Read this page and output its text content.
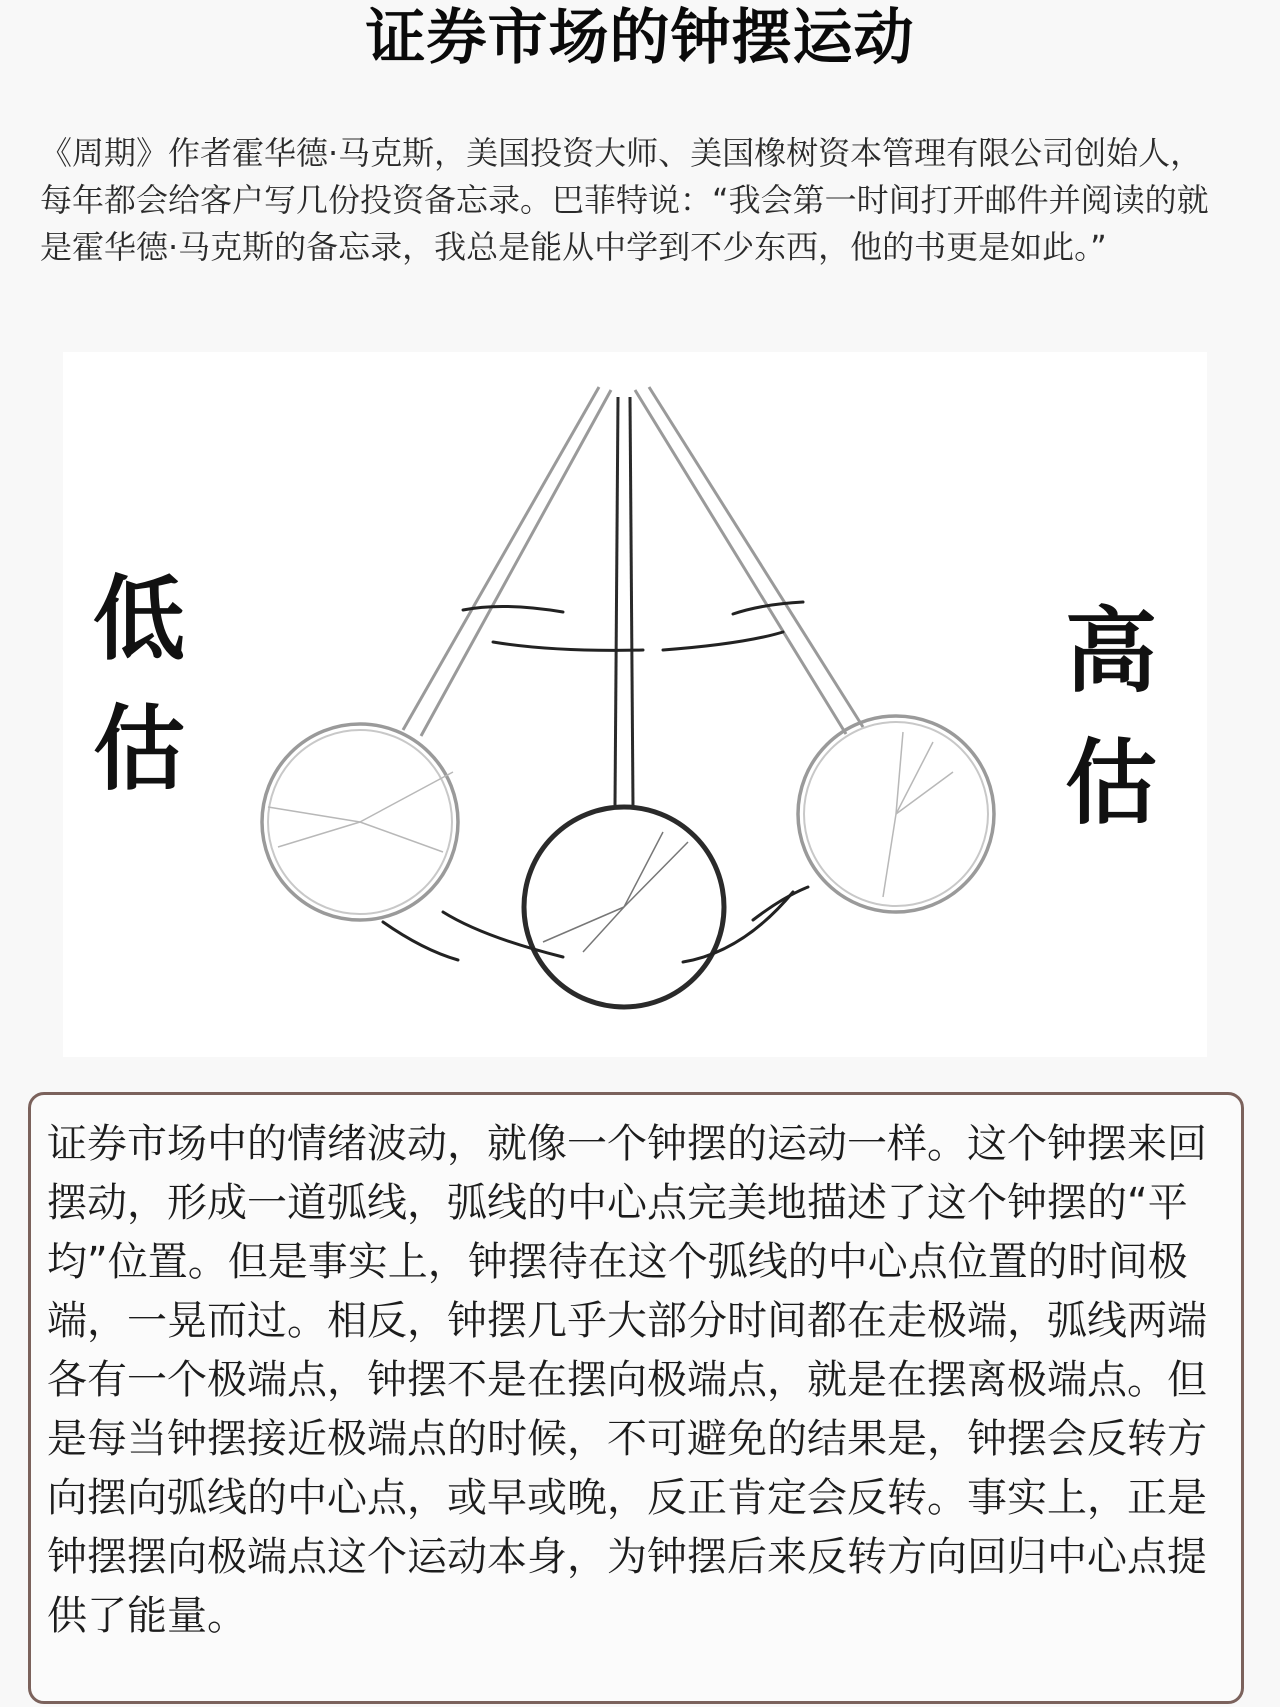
证券市场的钟摆运动
《周期》作者霍华德·马克斯，美国投资大师、美国橡树资本管理有限公司创始人，每年都会给客户写几份投资备忘录。巴菲特说：“我会第一时间打开邮件并阅读的就是霍华德·马克斯的备忘录，我总是能从中学到不少东西，他的书更是如此。”
低
估
高
估

证券市场中的情绪波动，就像一个钟摆的运动一样。这个钟摆来回摆动，形成一道弧线，弧线的中心点完美地描述了这个钟摆的“平均”位置。但是事实上，钟摆待在这个弧线的中心点位置的时间极端，一晃而过。相反，钟摆几乎大部分时间都在走极端，弧线两端各有一个极端点，钟摆不是在摆向极端点，就是在摆离极端点。但是每当钟摆接近极端点的时候，不可避免的结果是，钟摆会反转方向摆向弧线的中心点，或早或晚，反正肯定会反转。事实上，正是钟摆摆向极端点这个运动本身，为钟摆后来反转方向回归中心点提供了能量。
